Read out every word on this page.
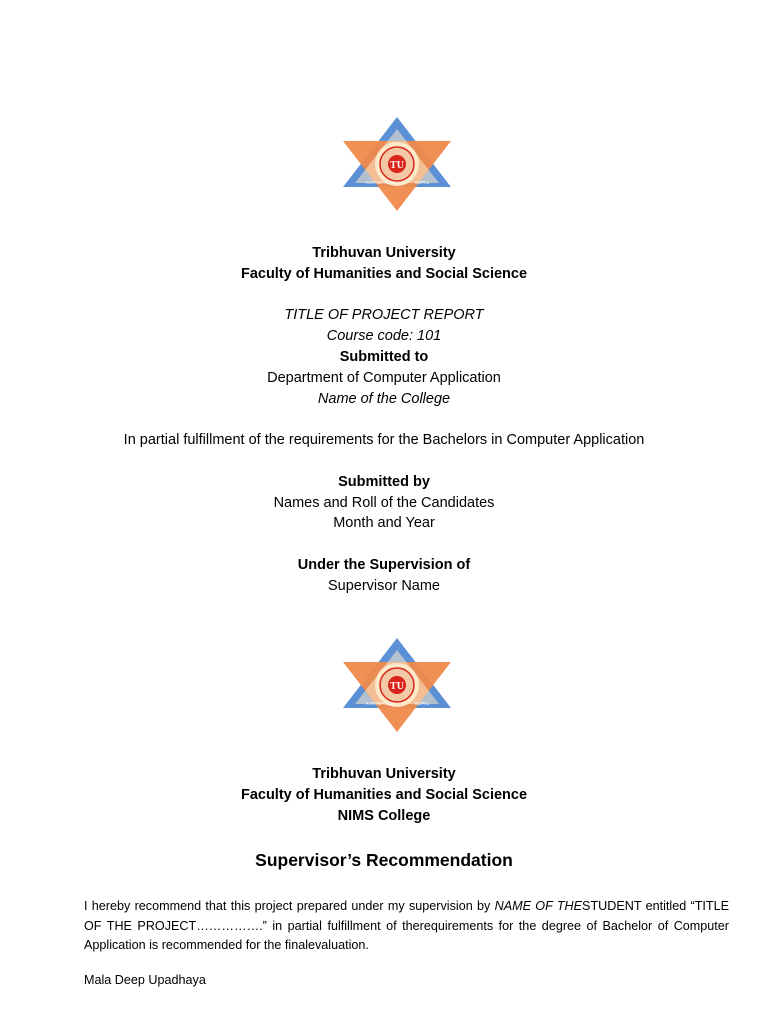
TU
KATHMANDU	NEPAL
Tribhuvan University
Faculty of Humanities and Social Science
TITLE OF PROJECT REPORT
Course code: 101
Submitted to
Department of Computer Application
Name of the College
In partial fulfillment of the requirements for the Bachelors in Computer Application
Submitted by
Names and Roll of the Candidates
Month and Year
Under the Supervision of
Supervisor Name
TU
KATHMANDU	NEPAL
Tribhuvan University
Faculty of Humanities and Social Science
NIMS College
Supervisor’s Recommendation
I hereby recommend that this project prepared under my supervision by NAME OF THESTUDENT entitled “TITLE OF THE PROJECT…………….” in partial fulfillment of therequirements for the degree of Bachelor of Computer Application is recommended for the finalevaluation.
Mala Deep Upadhaya
